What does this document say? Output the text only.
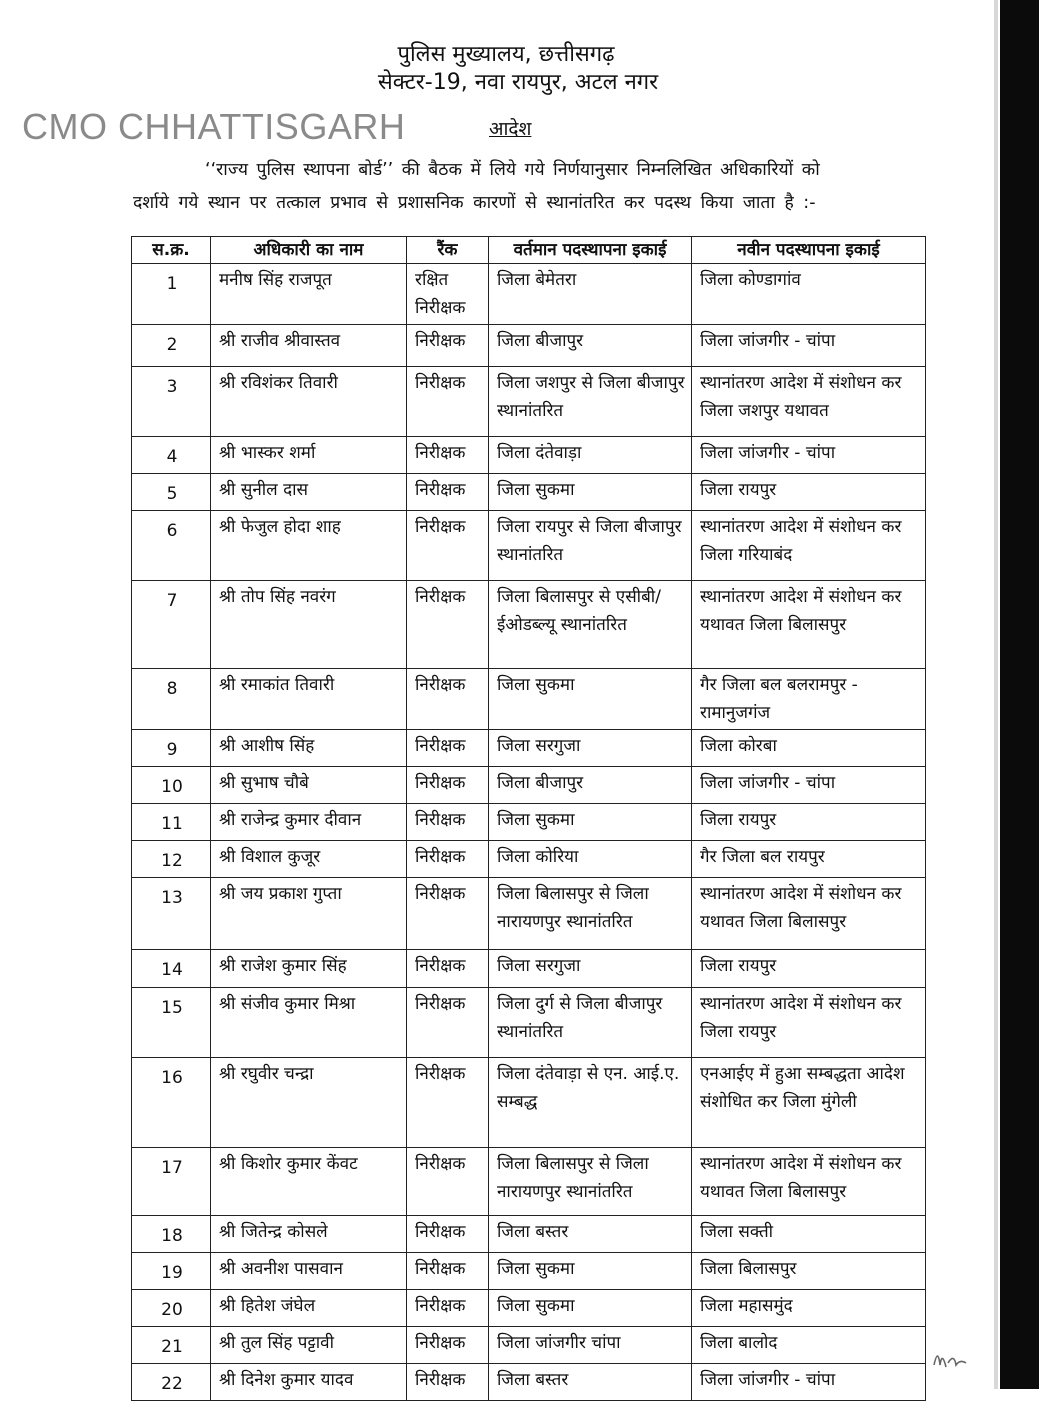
पुलिस मुख्यालय, छत्तीसगढ़
सेक्टर-19, नवा रायपुर, अटल नगर
CMO CHHATTISGARH	आदेश
‘‘राज्य पुलिस स्थापना बोर्ड’’ की बैठक में लिये गये निर्णयानुसार निम्नलिखित अधिकारियों को
दर्शाये गये स्थान पर तत्काल प्रभाव से प्रशासनिक कारणों से स्थानांतरित कर पदस्थ किया जाता है :-
स.क्र.	अधिकारी का नाम	रैंक	वर्तमान पदस्थापना इकाई	नवीन पदस्थापना इकाई
1	मनीष सिंह राजपूत	रक्षित निरीक्षक	जिला बेमेतरा	जिला कोण्डागांव
2	श्री राजीव श्रीवास्तव	निरीक्षक	जिला बीजापुर	जिला जांजगीर - चांपा
3	श्री रविशंकर तिवारी	निरीक्षक	जिला जशपुर से जिला बीजापुर स्थानांतरित	स्थानांतरण आदेश में संशोधन कर जिला जशपुर यथावत
4	श्री भास्कर शर्मा	निरीक्षक	जिला दंतेवाड़ा	जिला जांजगीर - चांपा
5	श्री सुनील दास	निरीक्षक	जिला सुकमा	जिला रायपुर
6	श्री फेजुल होदा शाह	निरीक्षक	जिला रायपुर से जिला बीजापुर स्थानांतरित	स्थानांतरण आदेश में संशोधन कर जिला गरियाबंद
7	श्री तोप सिंह नवरंग	निरीक्षक	जिला बिलासपुर से एसीबी/ईओडब्ल्यू स्थानांतरित	स्थानांतरण आदेश में संशोधन कर यथावत जिला बिलासपुर
8	श्री रमाकांत तिवारी	निरीक्षक	जिला सुकमा	गैर जिला बल बलरामपुर - रामानुजगंज
9	श्री आशीष सिंह	निरीक्षक	जिला सरगुजा	जिला कोरबा
10	श्री सुभाष चौबे	निरीक्षक	जिला बीजापुर	जिला जांजगीर - चांपा
11	श्री राजेन्द्र कुमार दीवान	निरीक्षक	जिला सुकमा	जिला रायपुर
12	श्री विशाल कुजूर	निरीक्षक	जिला कोरिया	गैर जिला बल रायपुर
13	श्री जय प्रकाश गुप्ता	निरीक्षक	जिला बिलासपुर से जिला नारायणपुर स्थानांतरित	स्थानांतरण आदेश में संशोधन कर यथावत जिला बिलासपुर
14	श्री राजेश कुमार सिंह	निरीक्षक	जिला सरगुजा	जिला रायपुर
15	श्री संजीव कुमार मिश्रा	निरीक्षक	जिला दुर्ग से जिला बीजापुर स्थानांतरित	स्थानांतरण आदेश में संशोधन कर जिला रायपुर
16	श्री रघुवीर चन्द्रा	निरीक्षक	जिला दंतेवाड़ा से एन. आई.ए. सम्बद्ध	एनआईए में हुआ सम्बद्धता आदेश संशोधित कर जिला मुंगेली
17	श्री किशोर कुमार केंवट	निरीक्षक	जिला बिलासपुर से जिला नारायणपुर स्थानांतरित	स्थानांतरण आदेश में संशोधन कर यथावत जिला बिलासपुर
18	श्री जितेन्द्र कोसले	निरीक्षक	जिला बस्तर	जिला सक्ती
19	श्री अवनीश पासवान	निरीक्षक	जिला सुकमा	जिला बिलासपुर
20	श्री हितेश जंघेल	निरीक्षक	जिला सुकमा	जिला महासमुंद
21	श्री तुल सिंह पट्टावी	निरीक्षक	जिला जांजगीर चांपा	जिला बालोद
22	श्री दिनेश कुमार यादव	निरीक्षक	जिला बस्तर	जिला जांजगीर - चांपा
